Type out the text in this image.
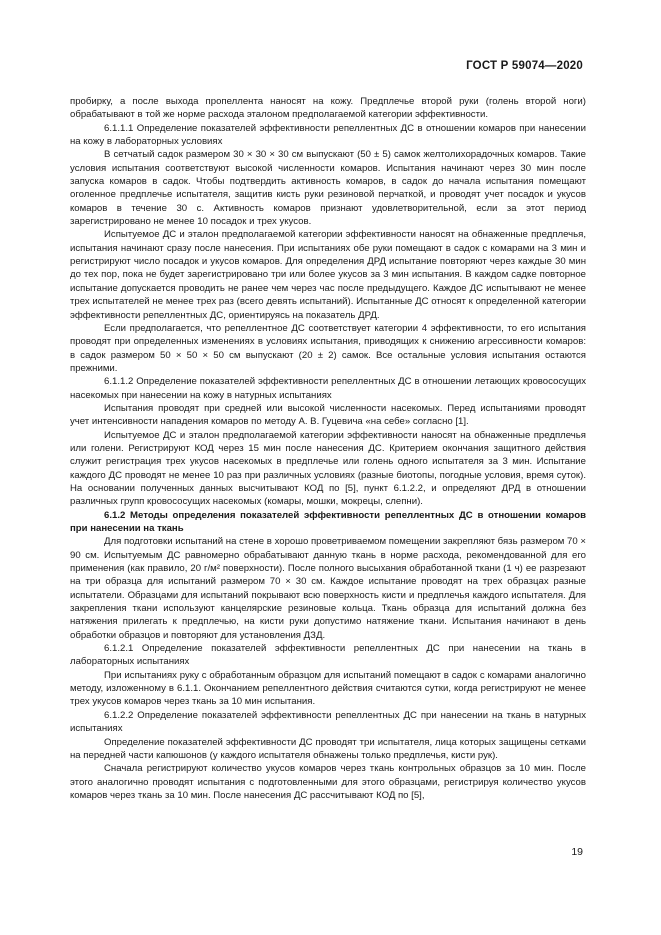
ГОСТ Р 59074—2020

пробирку, а после выхода пропеллента наносят на кожу. Предплечье второй руки (голень второй ноги) обрабатывают в той же норме расхода эталоном предполагаемой категории эффективности.

6.1.1.1 Определение показателей эффективности репеллентных ДС в отношении комаров при нанесении на кожу в лабораторных условиях

В сетчатый садок размером 30 × 30 × 30 см выпускают (50 ± 5) самок желтолихорадочных комаров. Такие условия испытания соответствуют высокой численности комаров. Испытания начинают через 30 мин после запуска комаров в садок. Чтобы подтвердить активность комаров, в садок до начала испытания помещают оголенное предплечье испытателя, защитив кисть руки резиновой перчаткой, и проводят учет посадок и укусов комаров в течение 30 с. Активность комаров признают удовлетворительной, если за этот период зарегистрировано не менее 10 посадок и трех укусов.

Испытуемое ДС и эталон предполагаемой категории эффективности наносят на обнаженные предплечья, испытания начинают сразу после нанесения. При испытаниях обе руки помещают в садок с комарами на 3 мин и регистрируют число посадок и укусов комаров. Для определения ДРД испытание повторяют через каждые 30 мин до тех пор, пока не будет зарегистрировано три или более укусов за 3 мин испытания. В каждом садке повторное испытание допускается проводить не ранее чем через час после предыдущего. Каждое ДС испытывают не менее трех испытателей не менее трех раз (всего девять испытаний). Испытанные ДС относят к определенной категории эффективности репеллентных ДС, ориентируясь на показатель ДРД.

Если предполагается, что репеллентное ДС соответствует категории 4 эффективности, то его испытания проводят при определенных изменениях в условиях испытания, приводящих к снижению агрессивности комаров: в садок размером 50 × 50 × 50 см выпускают (20 ± 2) самок. Все остальные условия испытания остаются прежними.

6.1.1.2 Определение показателей эффективности репеллентных ДС в отношении летающих кровососущих насекомых при нанесении на кожу в натурных испытаниях

Испытания проводят при средней или высокой численности насекомых. Перед испытаниями проводят учет интенсивности нападения комаров по методу А. В. Гуцевича «на себе» согласно [1].

Испытуемое ДС и эталон предполагаемой категории эффективности наносят на обнаженные предплечья или голени. Регистрируют КОД через 15 мин после нанесения ДС. Критерием окончания защитного действия служит регистрация трех укусов насекомых в предплечье или голень одного испытателя за 3 мин. Испытание каждого ДС проводят не менее 10 раз при различных условиях (разные биотопы, погодные условия, время суток). На основании полученных данных высчитывают КОД по [5], пункт 6.1.2.2, и определяют ДРД в отношении различных групп кровососущих насекомых (комары, мошки, мокрецы, слепни).

6.1.2 Методы определения показателей эффективности репеллентных ДС в отношении комаров при нанесении на ткань

Для подготовки испытаний на стене в хорошо проветриваемом помещении закрепляют бязь размером 70 × 90 см. Испытуемым ДС равномерно обрабатывают данную ткань в норме расхода, рекомендованной для его применения (как правило, 20 г/м² поверхности). После полного высыхания обработанной ткани (1 ч) ее разрезают на три образца для испытаний размером 70 × 30 см. Каждое испытание проводят на трех образцах разные испытатели. Образцами для испытаний покрывают всю поверхность кисти и предплечья каждого испытателя. Для закрепления ткани используют канцелярские резиновые кольца. Ткань образца для испытаний должна без натяжения прилегать к предплечью, на кисти руки допустимо натяжение ткани. Испытания начинают в день обработки образцов и повторяют для установления ДЗД.

6.1.2.1 Определение показателей эффективности репеллентных ДС при нанесении на ткань в лабораторных испытаниях

При испытаниях руку с обработанным образцом для испытаний помещают в садок с комарами аналогично методу, изложенному в 6.1.1. Окончанием репеллентного действия считаются сутки, когда регистрируют не менее трех укусов комаров через ткань за 10 мин испытания.

6.1.2.2 Определение показателей эффективности репеллентных ДС при нанесении на ткань в натурных испытаниях

Определение показателей эффективности ДС проводят три испытателя, лица которых защищены сетками на передней части капюшонов (у каждого испытателя обнажены только предплечья, кисти рук).

Сначала регистрируют количество укусов комаров через ткань контрольных образцов за 10 мин. После этого аналогично проводят испытания с подготовленными для этого образцами, регистрируя количество укусов комаров через ткань за 10 мин. После нанесения ДС рассчитывают КОД по [5],

19
